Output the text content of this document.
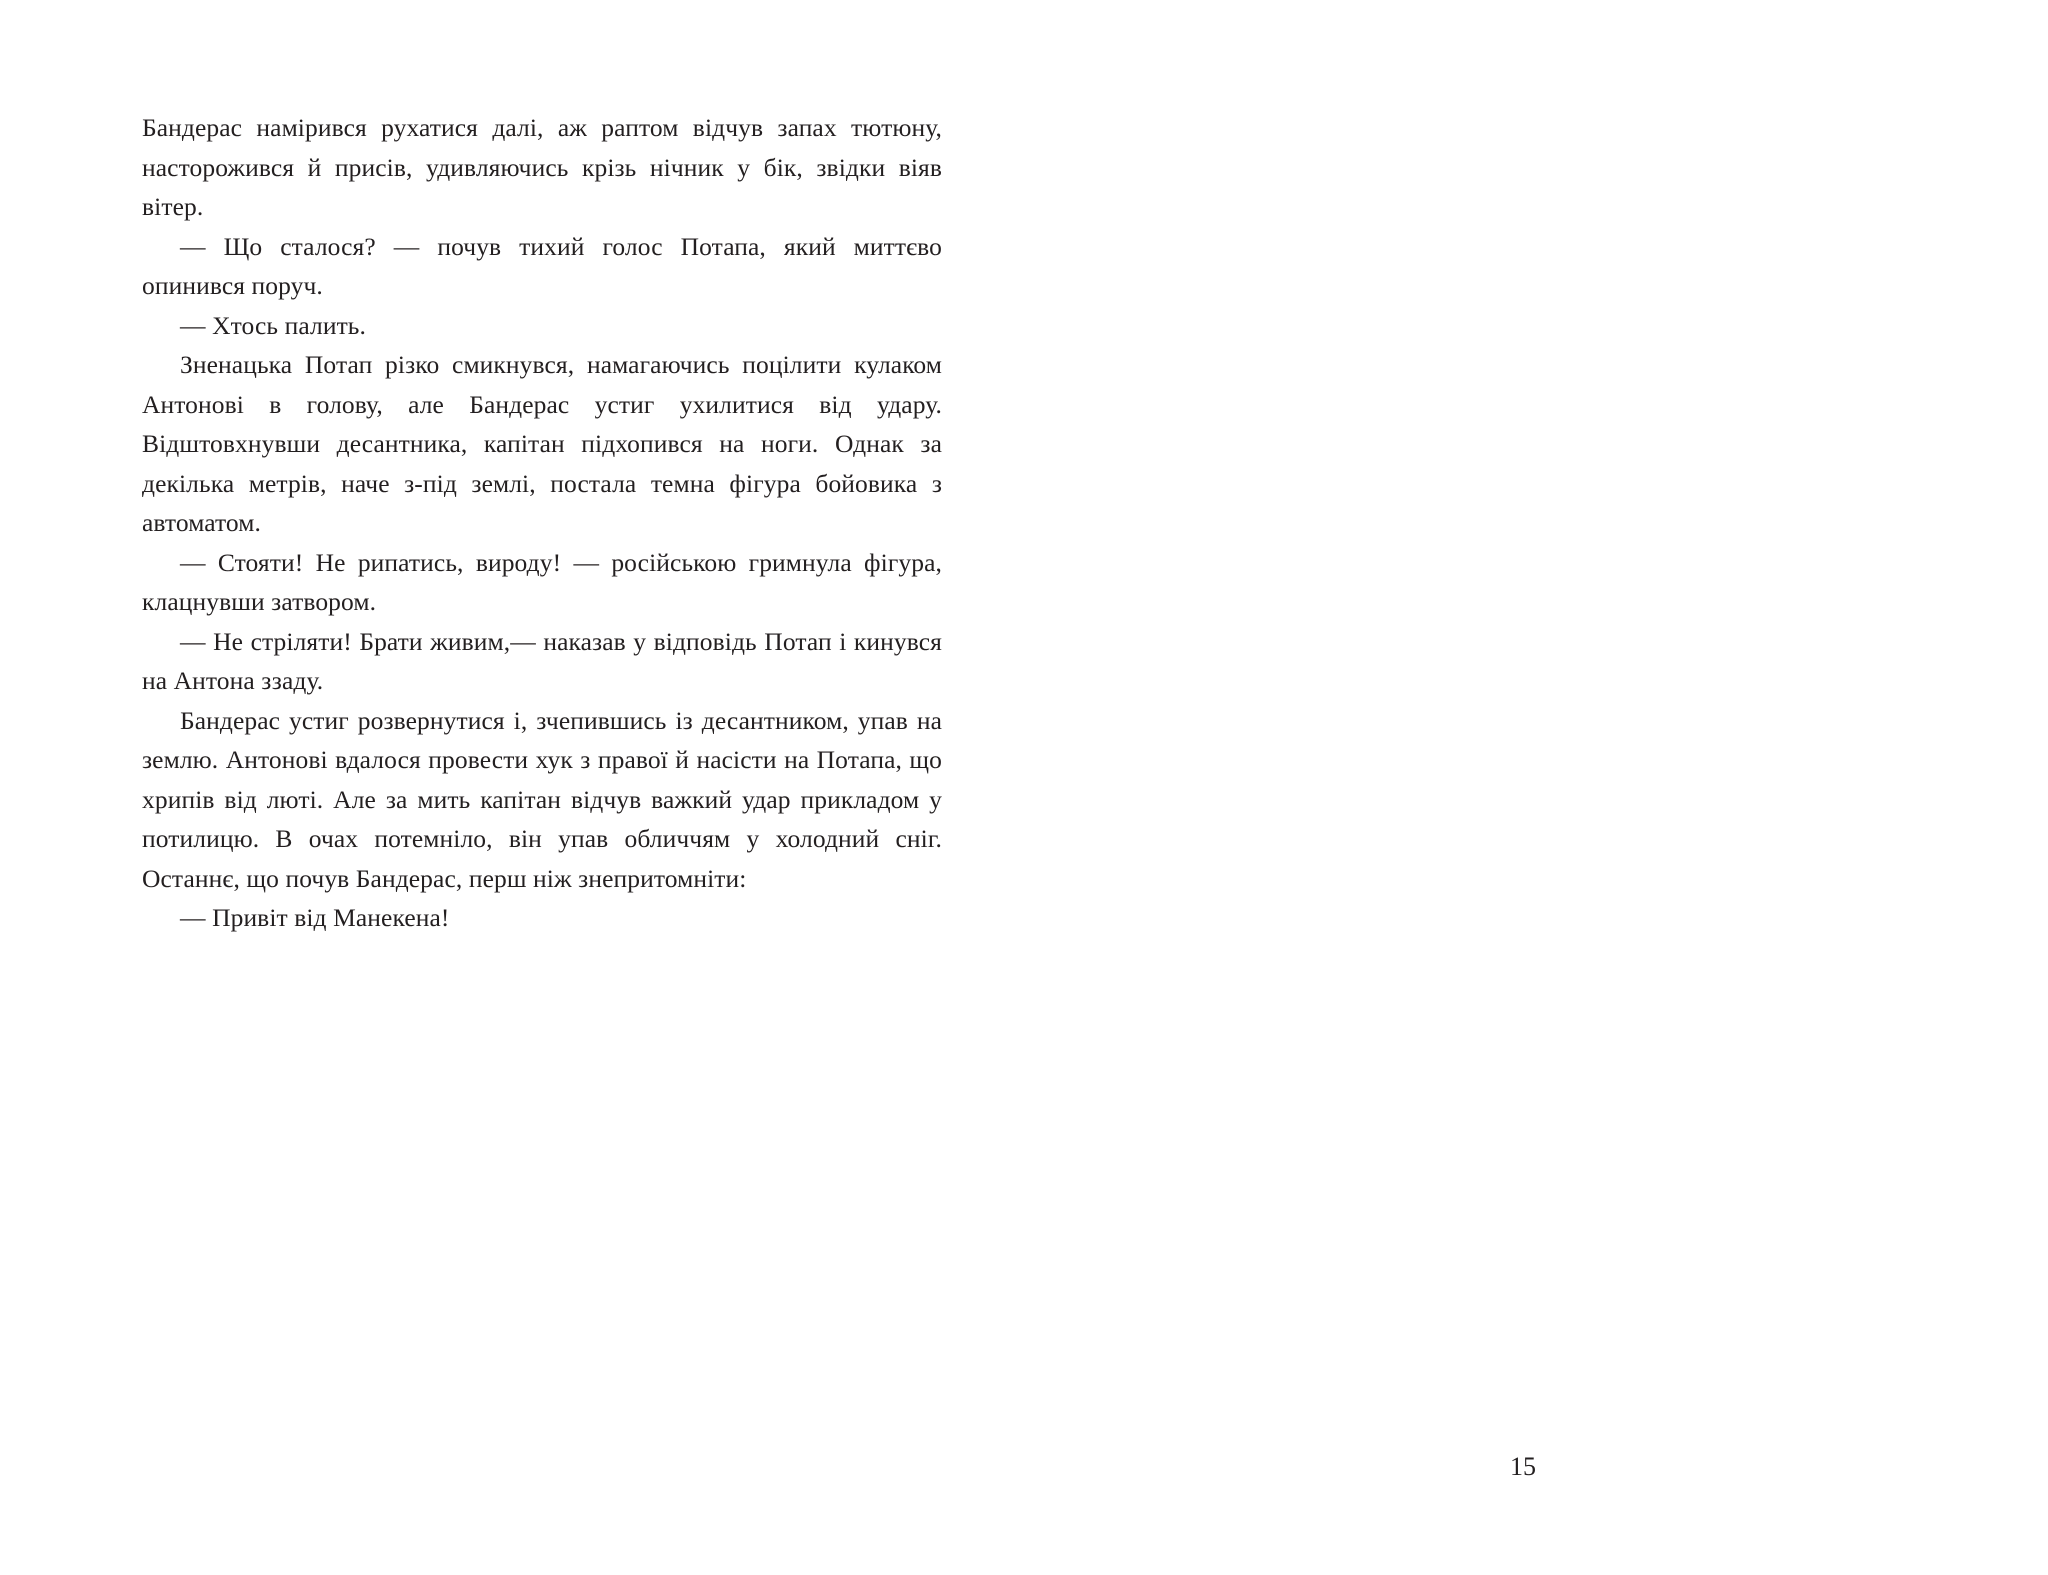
Бандерас намірився рухатися далі, аж раптом відчув запах тютюну, насторожився й присів, удивляючись крізь нічник у бік, звідки віяв вітер.

— Що сталося? — почув тихий голос Потапа, який миттєво опинився поруч.

— Хтось палить.

Зненацька Потап різко смикнувся, намагаючись поцілити кулаком Антонові в голову, але Бандерас устиг ухилитися від удару. Відштовхнувши десантника, капітан підхопився на ноги. Однак за декілька метрів, наче з-під землі, постала темна фігура бойовика з автоматом.

— Стояти! Не рипатись, вироду! — російською гримнула фігура, клацнувши затвором.

— Не стріляти! Брати живим,— наказав у відповідь Потап і кинувся на Антона ззаду.

Бандерас устиг розвернутися і, зчепившись із десантником, упав на землю. Антонові вдалося провести хук з правої й насісти на Потапа, що хрипів від люті. Але за мить капітан відчув важкий удар прикладом у потилицю. В очах потемніло, він упав обличчям у холодний сніг. Останнє, що почув Бандерас, перш ніж знепритомніти:

— Привіт від Манекена!

15
